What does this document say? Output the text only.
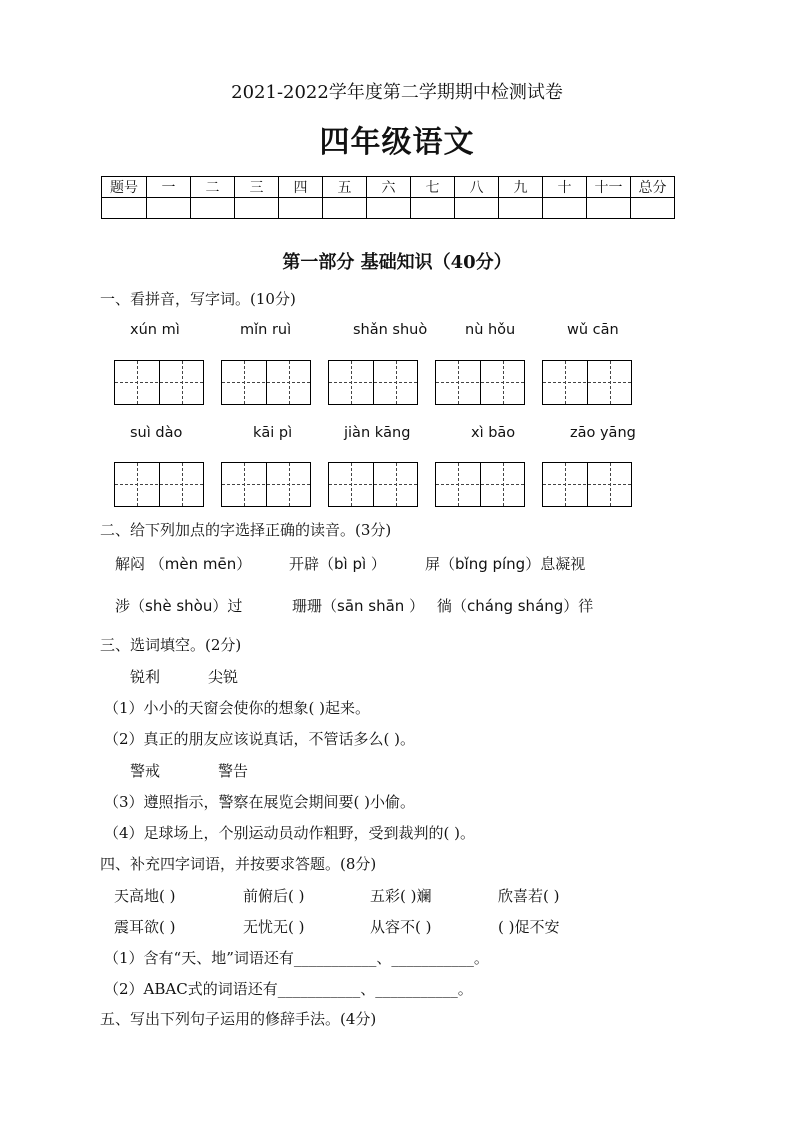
2021-2022学年度第二学期期中检测试卷
四年级语文
题号	一	二	三	四	五	六	七	八	九	十	十一	总分

第一部分 基础知识（40分）
一、看拼音，写字词。(10分)
xún mì	mǐn ruì	shǎn shuò	nù hǒu	wǔ cān
suì dào	kāi pì	jiàn kāng	xì bāo	zāo yāng
二、给下列加点的字选择正确的读音。(3分)
解闷 （mèn mēn）	开辟（bì pì ）	屏（bǐng píng）息凝视
涉（shè shòu）过	珊珊（sān shān ） 徜（cháng sháng）徉
三、选词填空。(2分)
锐利	尖锐
（1）小小的天窗会使你的想象( )起来。
（2）真正的朋友应该说真话，不管话多么( )。
警戒	警告
（3）遵照指示，警察在展览会期间要( )小偷。
（4）足球场上，个别运动员动作粗野，受到裁判的( )。
四、补充四字词语，并按要求答题。(8分)
天高地( )	前俯后( )	五彩( )斓	欣喜若( )
震耳欲( )	无忧无( )	从容不( )	( )促不安
（1）含有“天、地”词语还有___________、___________。
（2）ABAC式的词语还有___________、___________。
五、写出下列句子运用的修辞手法。(4分)
